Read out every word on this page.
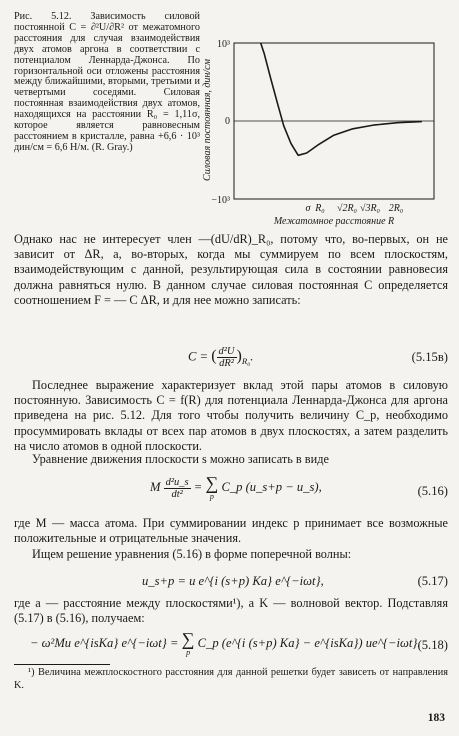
Рис. 5.12. Зависимость силовой постоянной C = ∂²U/∂R² от межатомного расстояния для случая взаимодействия двух атомов аргона в соответствии с потенциалом Леннарда-Джонса. По горизонтальной оси отложены расстояния между ближайшими, вторыми, третьими и четвертыми соседями. Силовая постоянная взаимодействия двух атомов, находящихся на расстоянии R₀ = 1,11σ, которое является равновесным расстоянием в кристалле, равна +6,6 · 10³ дин/см = 6,6 Н/м. (R. Gray.)	Силовая постоянная, дин/см
10³
0
−10³
σ R₀ √2R₀ √3R₀ 2R₀
Межатомное расстояние R

Однако нас не интересует член —(dU/dR)_R₀, потому что, во-первых, он не зависит от ΔR, а, во-вторых, когда мы суммируем по всем плоскостям, взаимодействующим с данной, результирующая сила в состоянии равновесия должна равняться нулю. В данном случае силовая постоянная C определяется соотношением F = — C ΔR, и для нее можно записать:

C = ( $\frac{\text{d²U}}{\text{dR²}} )_{R_0}$.	(5.15в)

Последнее выражение характеризует вклад этой пары атомов в силовую постоянную. Зависимость C = f(R) для потенциала Леннарда-Джонса для аргона приведена на рис. 5.12. Для того чтобы получить величину C_p, необходимо просуммировать вклады от всех пар атомов в двух плоскостях, а затем разделить на число атомов в одной плоскости.

Уравнение движения плоскости s можно записать в виде

M $\frac{\text{d²u\_s}}{\text{dt²}}$ = ∑
p
C_p (u_s+p − u_s),	(5.16)

где M — масса атома. При суммировании индекс p принимает все возможные положительные и отрицательные значения.

Ищем решение уравнения (5.16) в форме поперечной волны:

u_s+p = u e^{i (s+p) Ka} e^{−iωt},	(5.17)

где a — расстояние между плоскостями¹), а K — волновой вектор. Подставляя (5.17) в (5.16), получаем:

− ω²Mu e^{isKa} e^{−iωt} = ∑
p
C_p (e^{i (s+p) Ka} − e^{isKa}) ue^{−iωt}.
(5.18)

¹) Величина межплоскостного расстояния для данной решетки будет зависеть от направления K.

183
